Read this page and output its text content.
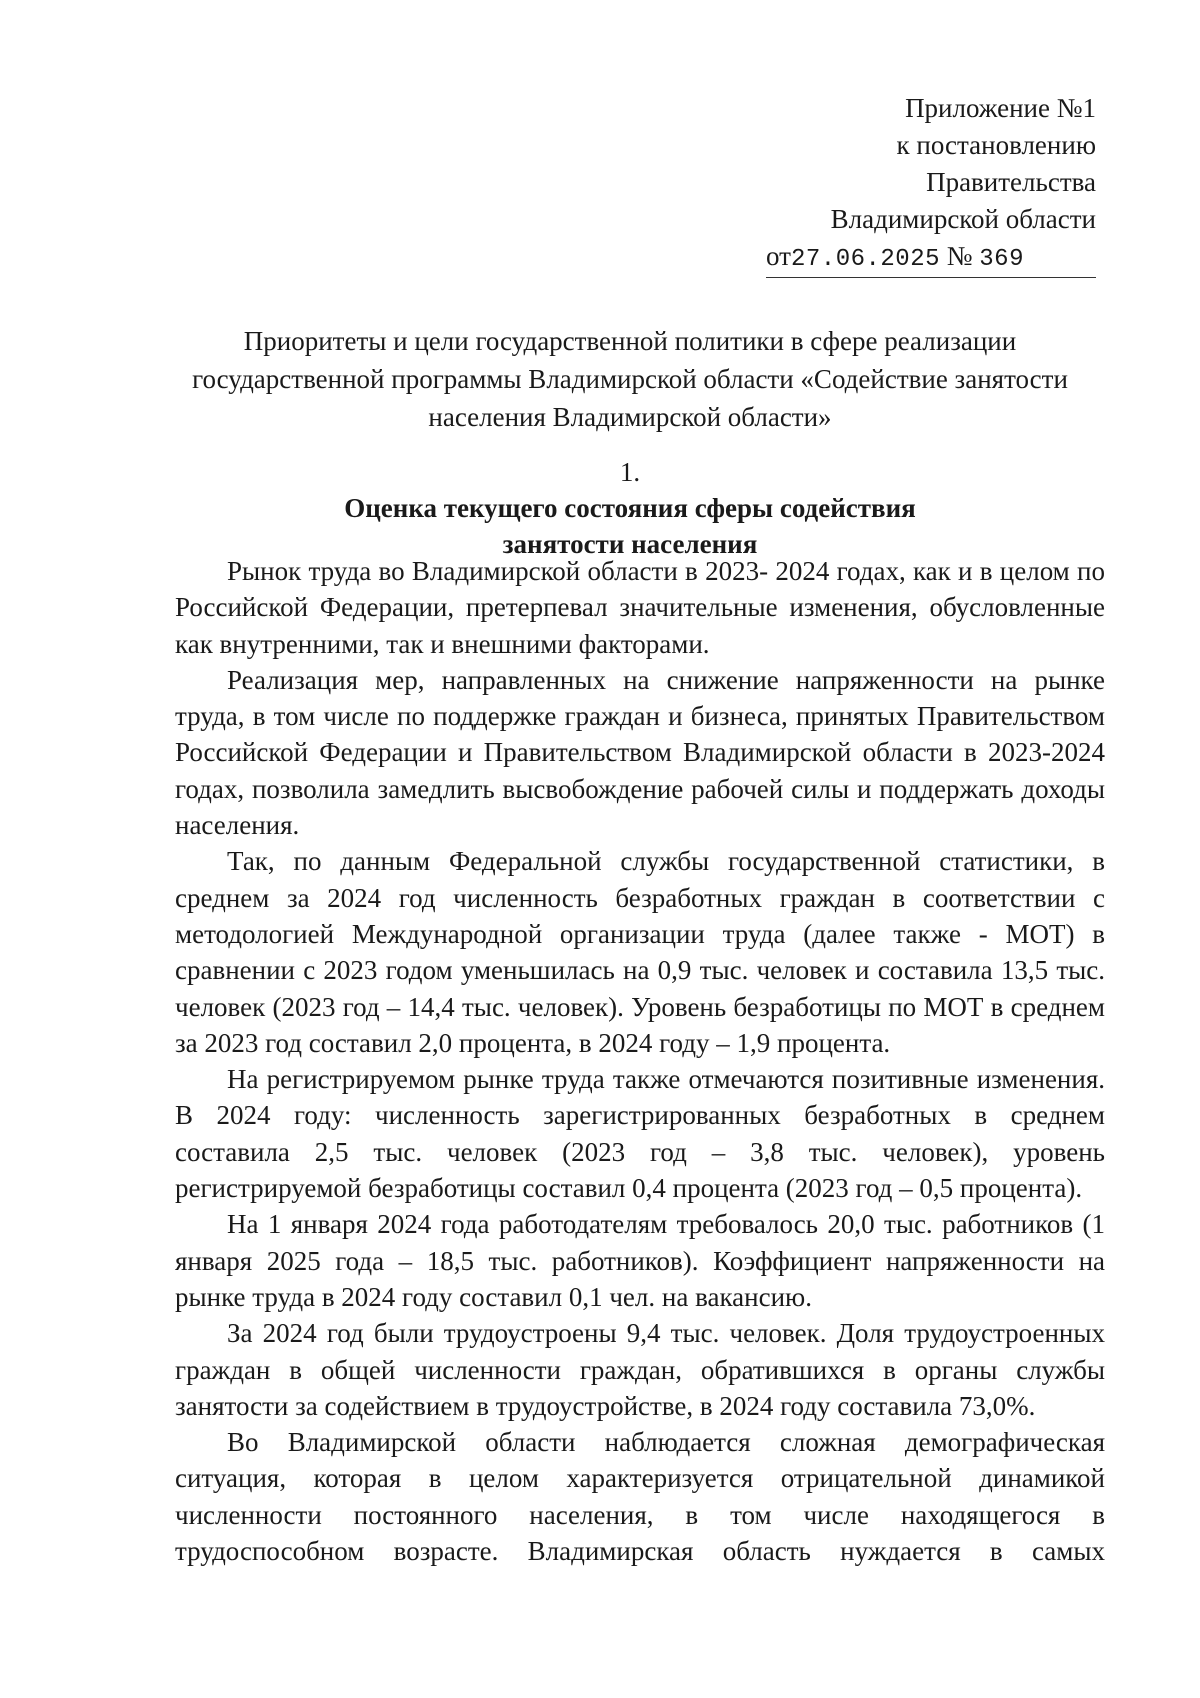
Приложение №1
к постановлению
Правительства
Владимирской области
от27.06.2025 № 369
Приоритеты и цели государственной политики в сфере реализации
государственной программы Владимирской области «Содействие занятости
населения Владимирской области»
1.
Оценка текущего состояния сферы содействия
занятости населения

Рынок труда во Владимирской области в 2023- 2024 годах, как и в целом по Российской Федерации, претерпевал значительные изменения, обусловленные как внутренними, так и внешними факторами.

Реализация мер, направленных на снижение напряженности на рынке труда, в том числе по поддержке граждан и бизнеса, принятых Правительством Российской Федерации и Правительством Владимирской области в 2023-2024 годах, позволила замедлить высвобождение рабочей силы и поддержать доходы населения.

Так, по данным Федеральной службы государственной статистики, в среднем за 2024 год численность безработных граждан в соответствии с методологией Международной организации труда (далее также - МОТ) в сравнении с 2023 годом уменьшилась на 0,9 тыс. человек и составила 13,5 тыс. человек (2023 год – 14,4 тыс. человек). Уровень безработицы по МОТ в среднем за 2023 год составил 2,0 процента, в 2024 году – 1,9 процента.

На регистрируемом рынке труда также отмечаются позитивные изменения. В 2024 году: численность зарегистрированных безработных в среднем составила 2,5 тыс. человек (2023 год – 3,8 тыс. человек), уровень регистрируемой безработицы составил 0,4 процента (2023 год – 0,5 процента).

На 1 января 2024 года работодателям требовалось 20,0 тыс. работников (1 января 2025 года – 18,5 тыс. работников). Коэффициент напряженности на рынке труда в 2024 году составил 0,1 чел. на вакансию.

За 2024 год были трудоустроены 9,4 тыс. человек. Доля трудоустроенных граждан в общей численности граждан, обратившихся в органы службы занятости за содействием в трудоустройстве, в 2024 году составила 73,0%.

Во Владимирской области наблюдается сложная демографическая ситуация, которая в целом характеризуется отрицательной динамикой численности постоянного населения, в том числе находящегося в трудоспособном возрасте. Владимирская область нуждается в самых
